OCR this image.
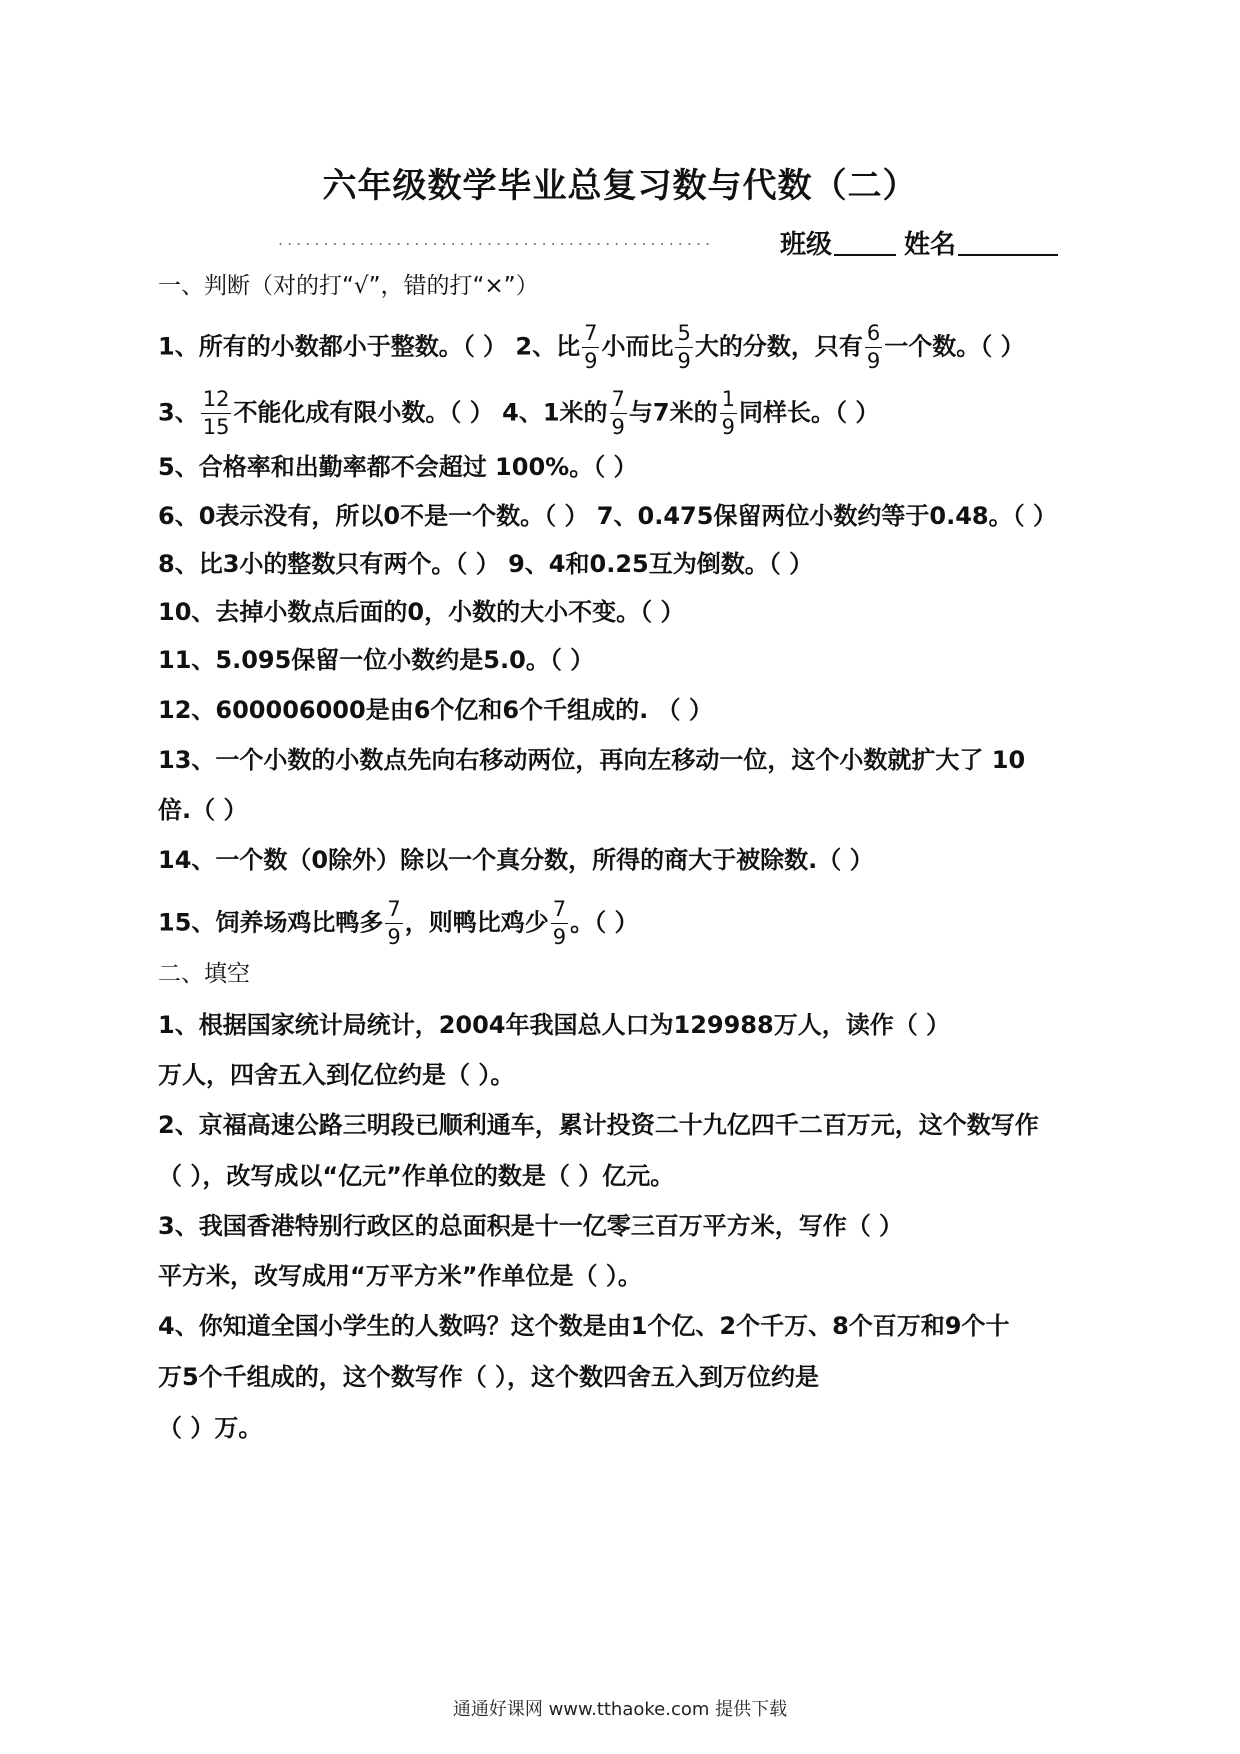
六年级数学毕业总复习数与代数（二）
................................................	班级	姓名
一、判断（对的打“√”，错的打“×”）
1、所有的小数都小于整数。（ ） 2、比 $\frac{7}{9}$ 小而比 $\frac{5}{9}$ 大的分数，只有 $\frac{6}{9}$ 一个数。（ ）
3、 $\frac{12}{15}$ 不能化成有限小数。（ ） 4、1米的 $\frac{7}{9}$ 与7米的 $\frac{1}{9}$ 同样长。（ ）
5、合格率和出勤率都不会超过 100%。（ ）
6、0表示没有，所以0不是一个数。（ ） 7、0.475保留两位小数约等于0.48。（ ）
8、比3小的整数只有两个。（ ） 9、4和0.25互为倒数。（ ）
10、去掉小数点后面的0，小数的大小不变。（ ）
11、5.095保留一位小数约是5.0。（ ）
12、600006000是由6个亿和6个千组成的. （ ）
13、一个小数的小数点先向右移动两位，再向左移动一位，这个小数就扩大了 10
倍.（ ）
14、一个数（0除外）除以一个真分数，所得的商大于被除数.（ ）
15、饲养场鸡比鸭多 $\frac{7}{9}$ ，则鸭比鸡少 $\frac{7}{9}$ 。（ ）
二、填空
1、根据国家统计局统计，2004年我国总人口为129988万人，读作（ ）
万人，四舍五入到亿位约是（ ）。
2、京福高速公路三明段已顺利通车，累计投资二十九亿四千二百万元，这个数写作
（ ），改写成以“亿元”作单位的数是（ ）亿元。
3、我国香港特别行政区的总面积是十一亿零三百万平方米，写作（ ）
平方米，改写成用“万平方米”作单位是（ ）。
4、你知道全国小学生的人数吗？这个数是由1个亿、2个千万、8个百万和9个十
万5个千组成的，这个数写作（ ），这个数四舍五入到万位约是
（ ）万。
通通好课网 www.tthaoke.com 提供下载
